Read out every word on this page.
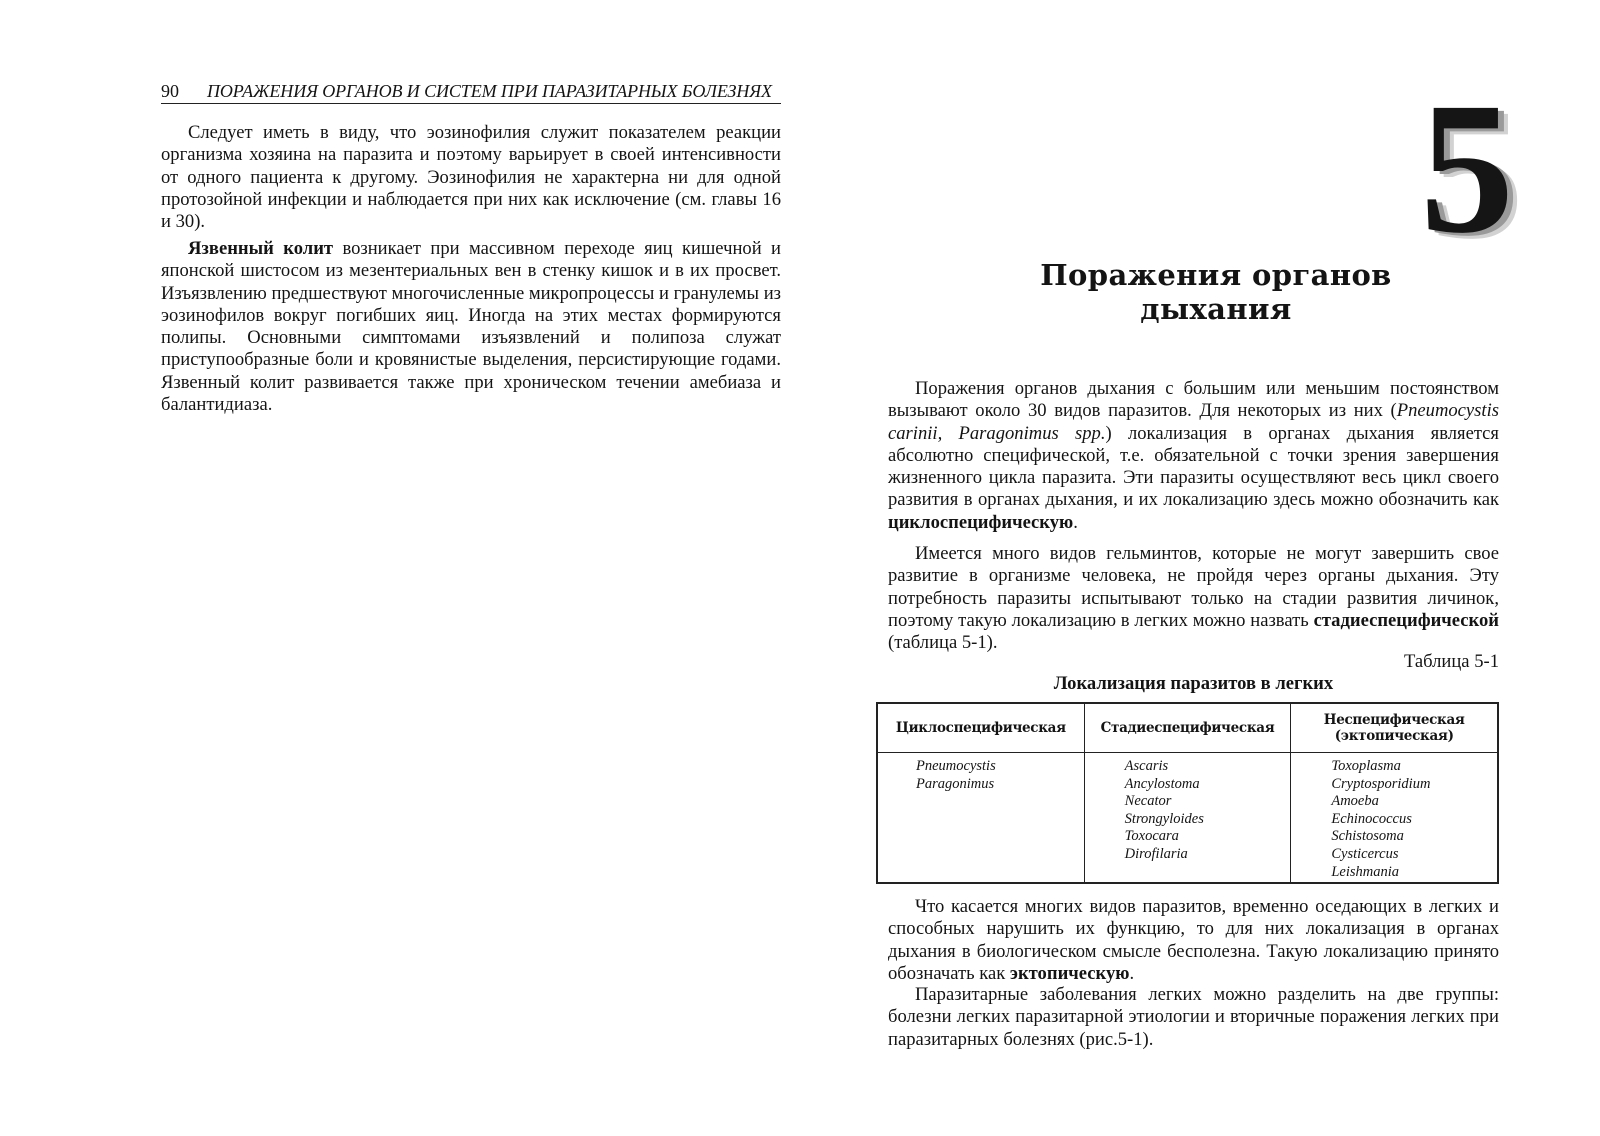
90 ПОРАЖЕНИЯ ОРГАНОВ И СИСТЕМ ПРИ ПАРАЗИТАРНЫХ БОЛЕЗНЯХ
Следует иметь в виду, что эозинофилия служит показателем реакции организма хозяина на паразита и поэтому варьирует в своей интенсивности от одного пациента к другому. Эозинофилия не характерна ни для одной протозойной инфекции и наблюдается при них как исключение (см. главы 16 и 30).
Язвенный колит возникает при массивном переходе яиц кишечной и японской шистосом из мезентериальных вен в стенку кишок и в их просвет. Изъязвлению предшествуют многочисленные микропроцессы и гранулемы из эозинофилов вокруг погибших яиц. Иногда на этих местах формируются полипы. Основными симптомами изъязвлений и полипоза служат приступообразные боли и кровянистые выделения, персистирующие годами. Язвенный колит развивается также при хроническом течении амебиаза и балантидиаза.
5
Поражения органов дыхания
Поражения органов дыхания с большим или меньшим постоянством вызывают около 30 видов паразитов. Для некоторых из них (Pneumocystis carinii, Paragonimus spp.) локализация в органах дыхания является абсолютно специфической, т.е. обязательной с точки зрения завершения жизненного цикла паразита. Эти паразиты осуществляют весь цикл своего развития в органах дыхания, и их локализацию здесь можно обозначить как циклоспецифическую.
Имеется много видов гельминтов, которые не могут завершить свое развитие в организме человека, не пройдя через органы дыхания. Эту потребность паразиты испытывают только на стадии развития личинок, поэтому такую локализацию в легких можно назвать стадиеспецифической (таблица 5-1).
Таблица 5-1
Локализация паразитов в легких
Циклоспецифическая
Pneumocystis
Paragonimus
Стадиеспецифическая
Ascaris
Ancylostoma
Necator
Strongyloides
Toxocara
Dirofilaria
Неспецифическая (эктопическая)
Toxoplasma
Cryptosporidium
Amoeba
Echinococcus
Schistosoma
Cysticercus
Leishmania
Что касается многих видов паразитов, временно оседающих в легких и способных нарушить их функцию, то для них локализация в органах дыхания в биологическом смысле бесполезна. Такую локализацию принято обозначать как эктопическую.
Паразитарные заболевания легких можно разделить на две группы: болезни легких паразитарной этиологии и вторичные поражения легких при паразитарных болезнях (рис.5-1).
